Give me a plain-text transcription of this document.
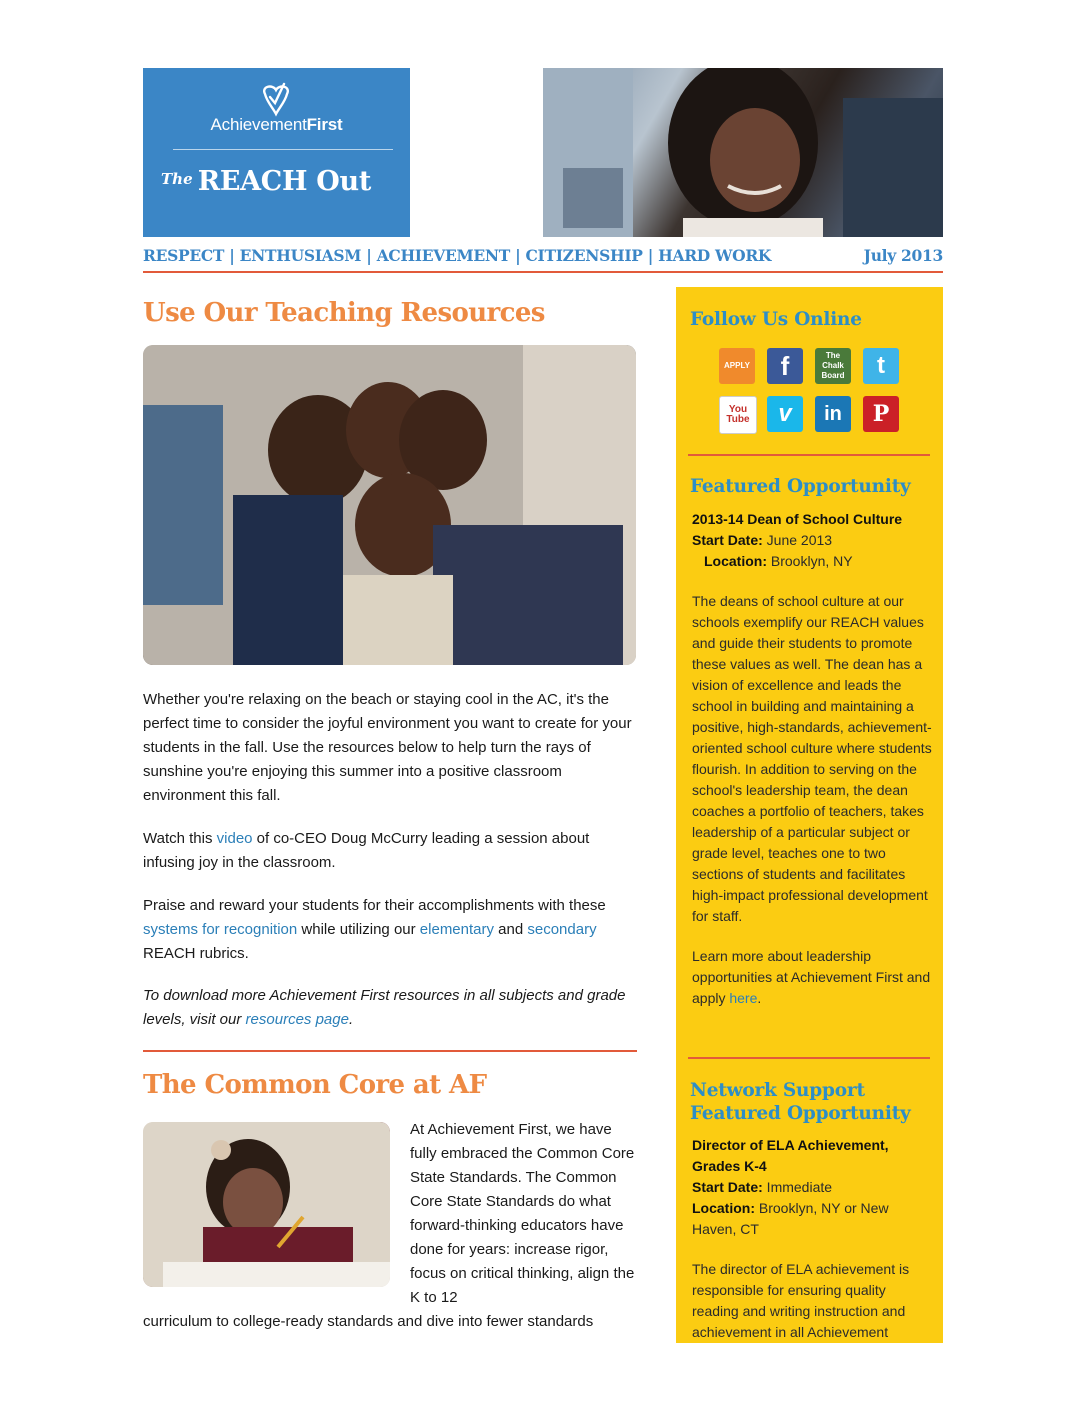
AchievementFirst
The REACH Out
RESPECT | ENTHUSIASM | ACHIEVEMENT | CITIZENSHIP | HARD WORK	July 2013
Use Our Teaching Resources

Whether you're relaxing on the beach or staying cool in the AC, it's the perfect time to consider the joyful environment you want to create for your students in the fall. Use the resources below to help turn the rays of sunshine you're enjoying this summer into a positive classroom environment this fall.

Watch this video of co-CEO Doug McCurry leading a session about infusing joy in the classroom.

Praise and reward your students for their accomplishments with these systems for recognition while utilizing our elementary and secondary REACH rubrics.

To download more Achievement First resources in all subjects and grade levels, visit our resources page.

The Common Core at AF

At Achievement First, we have fully embraced the Common Core State Standards. The Common Core State Standards do what forward-thinking educators have done for years: increase rigor, focus on critical thinking, align the K to 12

curriculum to college-ready standards and dive into fewer standards

Follow Us Online
APPLY f	The Chalk Board t
You Tube v in P
Featured Opportunity

2013-14 Dean of School Culture

Start Date: June 2013

Location: Brooklyn, NY

The deans of school culture at our schools exemplify our REACH values and guide their students to promote these values as well. The dean has a vision of excellence and leads the school in building and maintaining a positive, high-standards, achievement-oriented school culture where students flourish. In addition to serving on the school's leadership team, the dean coaches a portfolio of teachers, takes leadership of a particular subject or grade level, teaches one to two sections of students and facilitates high-impact professional development for staff.

Learn more about leadership opportunities at Achievement First and apply here.

Network Support Featured Opportunity

Director of ELA Achievement, Grades K-4

Start Date: Immediate

Location: Brooklyn, NY or New Haven, CT

The director of ELA achievement is responsible for ensuring quality reading and writing instruction and achievement in all Achievement
